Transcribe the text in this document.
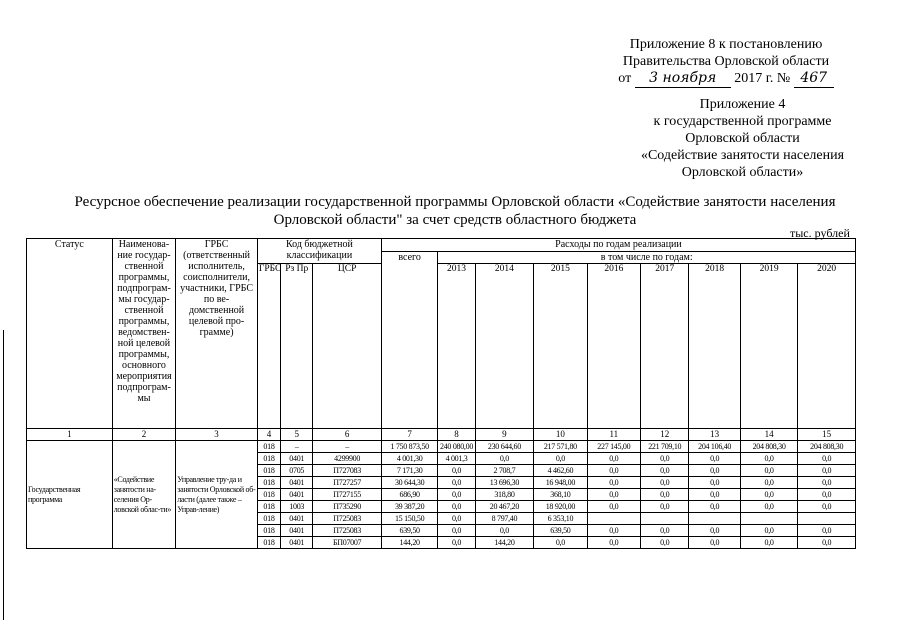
Приложение 8 к постановлению
Правительства Орловской области
от 3 ноября 2017 г. № 467
Приложение 4
к государственной программе
Орловской области
«Содействие занятости населения
Орловской области»
Ресурсное обеспечение реализации государственной программы Орловской области «Содействие занятости населения
Орловской области" за счет средств областного бюджета
тыс. рублей
Статус	Наименова-ние государ-ственной программы, подпрограм-мы государ-ственной программы, ведомствен-ной целевой программы, основного мероприятия подпрограм-мы	ГРБС (ответственный исполнитель, соисполнители, участники, ГРБС по ве-домственной целевой про-грамме)	Код бюджетной классификации			Расходы по годам реализации								
						всего	в том числе по годам:							
			ГРБС	Рз Пр	ЦСР		2013	2014	2015	2016	2017	2018	2019	2020
1	2	3	4	5	6	7	8	9	10	11	12	13	14	15
Государственная программа	«Содействие занятости на-селения Ор-ловской облас-ти»	Управление тру-да и занятости Орловской об-ласти (далее также – Управ-ление)	018	–	–	1 750 873,50	240 080,00	230 644,60	217 571,80	227 145,00	221 709,10	204 106,40	204 808,30	204 808,30
			018	0401	4299900	4 001,30	4 001,3	0,0	0,0	0,0	0,0	0,0	0,0	0,0
			018	0705	П727083	7 171,30	0,0	2 708,7	4 462,60	0,0	0,0	0,0	0,0	0,0
			018	0401	П727257	30 644,30	0,0	13 696,30	16 948,00	0,0	0,0	0,0	0,0	0,0
			018	0401	П727155	686,90	0,0	318,80	368,10	0,0	0,0	0,0	0,0	0,0
			018	1003	П735290	39 387,20	0,0	20 467,20	18 920,00	0,0	0,0	0,0	0,0	0,0
			018	0401	П725083	15 150,50	0,0	8 797,40	6 353,10					
			018	0401	П725083	639,50	0,0	0,0	639,50	0,0	0,0	0,0	0,0	0,0
			018	0401	БП07007	144,20	0,0	144,20	0,0	0,0	0,0	0,0	0,0	0,0
